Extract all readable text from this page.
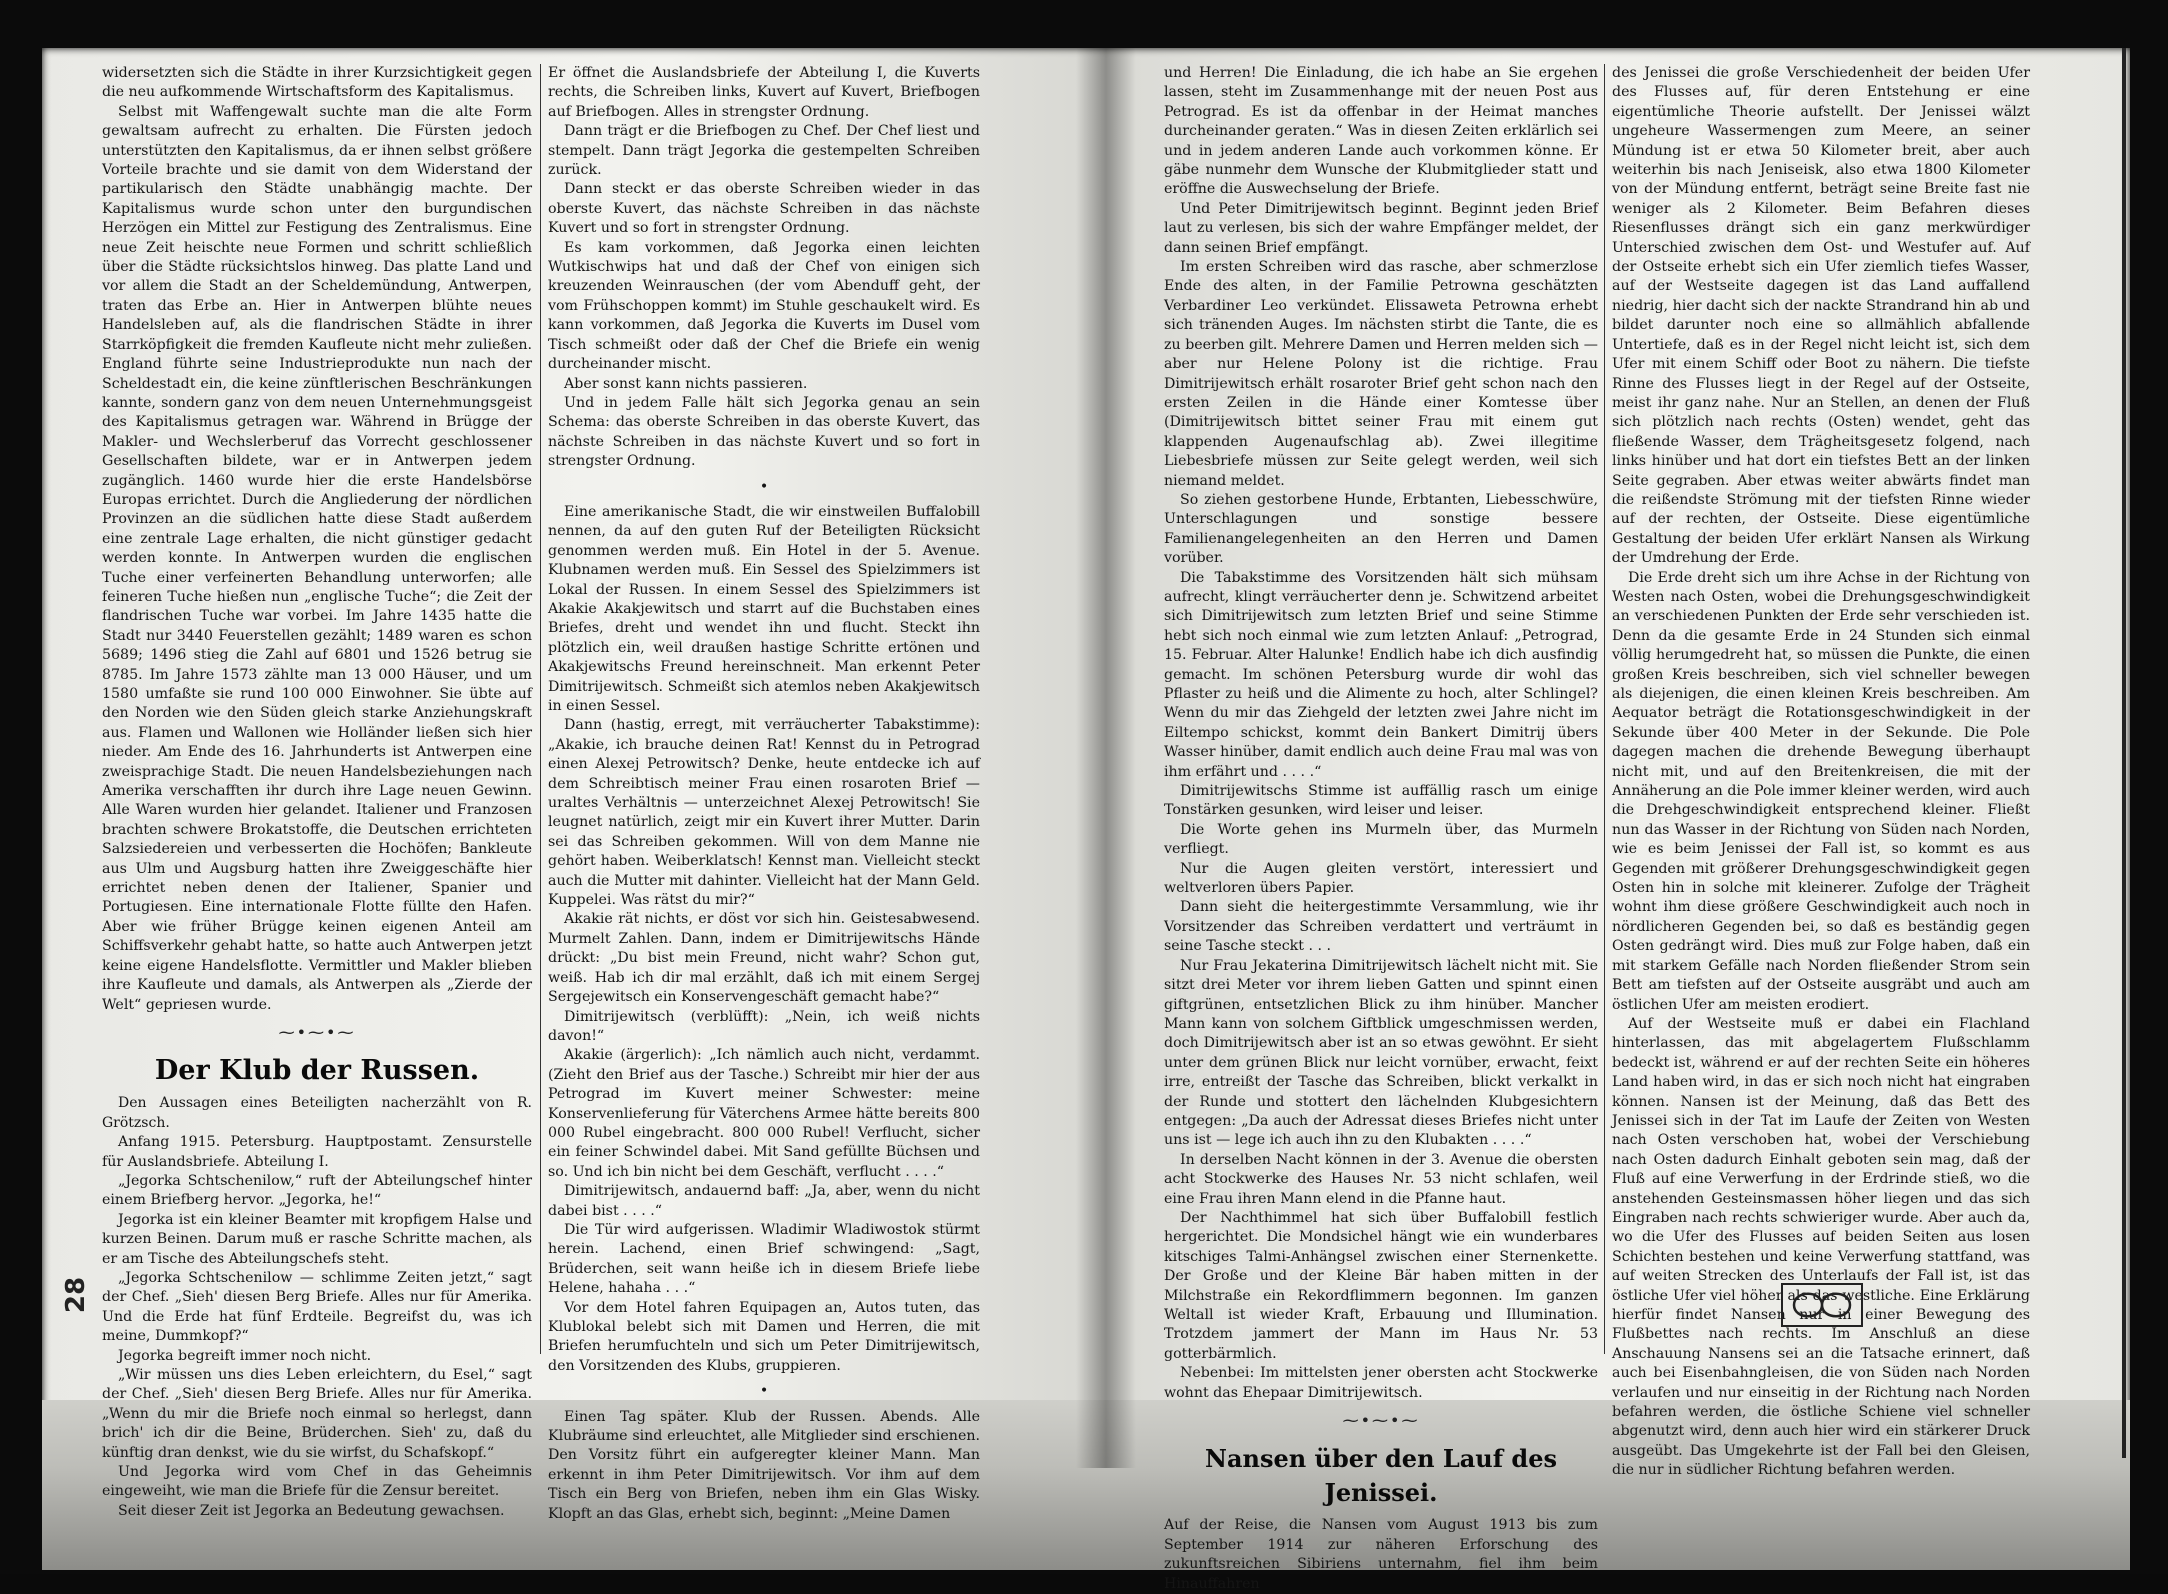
28

widersetzten sich die Städte in ihrer Kurzsichtigkeit gegen die neu aufkommende Wirtschaftsform des Kapitalismus.

Selbst mit Waffengewalt suchte man die alte Form gewaltsam aufrecht zu erhalten. Die Fürsten jedoch unterstützten den Kapitalismus, da er ihnen selbst größere Vorteile brachte und sie damit von dem Widerstand der partikularisch den Städte unabhängig machte. Der Kapitalismus wurde schon unter den burgundischen Herzögen ein Mittel zur Festigung des Zentralismus. Eine neue Zeit heischte neue Formen und schritt schließlich über die Städte rücksichtslos hinweg. Das platte Land und vor allem die Stadt an der Scheldemündung, Antwerpen, traten das Erbe an. Hier in Antwerpen blühte neues Handelsleben auf, als die flandrischen Städte in ihrer Starrköpfigkeit die fremden Kaufleute nicht mehr zuließen. England führte seine Industrieprodukte nun nach der Scheldestadt ein, die keine zünftlerischen Beschränkungen kannte, sondern ganz von dem neuen Unternehmungsgeist des Kapitalismus getragen war. Während in Brügge der Makler- und Wechslerberuf das Vorrecht geschlossener Gesellschaften bildete, war er in Antwerpen jedem zugänglich. 1460 wurde hier die erste Handelsbörse Europas errichtet. Durch die Angliederung der nördlichen Provinzen an die südlichen hatte diese Stadt außerdem eine zentrale Lage erhalten, die nicht günstiger gedacht werden konnte. In Antwerpen wurden die englischen Tuche einer verfeinerten Behandlung unterworfen; alle feineren Tuche hießen nun „englische Tuche“; die Zeit der flandrischen Tuche war vorbei. Im Jahre 1435 hatte die Stadt nur 3440 Feuerstellen gezählt; 1489 waren es schon 5689; 1496 stieg die Zahl auf 6801 und 1526 betrug sie 8785. Im Jahre 1573 zählte man 13 000 Häuser, und um 1580 umfaßte sie rund 100 000 Einwohner. Sie übte auf den Norden wie den Süden gleich starke Anziehungskraft aus. Flamen und Wallonen wie Holländer ließen sich hier nieder. Am Ende des 16. Jahrhunderts ist Antwerpen eine zweisprachige Stadt. Die neuen Handelsbeziehungen nach Amerika verschafften ihr durch ihre Lage neuen Gewinn. Alle Waren wurden hier gelandet. Italiener und Franzosen brachten schwere Brokatstoffe, die Deutschen errichteten Salzsiedereien und verbesserten die Hochöfen; Bankleute aus Ulm und Augsburg hatten ihre Zweiggeschäfte hier errichtet neben denen der Italiener, Spanier und Portugiesen. Eine internationale Flotte füllte den Hafen. Aber wie früher Brügge keinen eigenen Anteil am Schiffsverkehr gehabt hatte, so hatte auch Antwerpen jetzt keine eigene Handelsflotte. Vermittler und Makler blieben ihre Kaufleute und damals, als Antwerpen als „Zierde der Welt“ gepriesen wurde.

⁓•⁓•⁓
Der Klub der Russen.

Den Aussagen eines Beteiligten nacherzählt von R. Grötzsch.

Anfang 1915. Petersburg. Hauptpostamt. Zensurstelle für Auslandsbriefe. Abteilung I.

„Jegorka Schtschenilow,“ ruft der Abteilungschef hinter einem Briefberg hervor. „Jegorka, he!“

Jegorka ist ein kleiner Beamter mit kropfigem Halse und kurzen Beinen. Darum muß er rasche Schritte machen, als er am Tische des Abteilungschefs steht.

„Jegorka Schtschenilow — schlimme Zeiten jetzt,“ sagt der Chef. „Sieh' diesen Berg Briefe. Alles nur für Amerika. Und die Erde hat fünf Erdteile. Begreifst du, was ich meine, Dummkopf?“

Jegorka begreift immer noch nicht.

„Wir müssen uns dies Leben erleichtern, du Esel,“ sagt der Chef. „Sieh' diesen Berg Briefe. Alles nur für Amerika. „Wenn du mir die Briefe noch einmal so herlegst, dann brich' ich dir die Beine, Brüderchen. Sieh' zu, daß du künftig dran denkst, wie du sie wirfst, du Schafskopf.“

Und Jegorka wird vom Chef in das Geheimnis eingeweiht, wie man die Briefe für die Zensur bereitet.

Seit dieser Zeit ist Jegorka an Bedeutung gewachsen.

Er öffnet die Auslandsbriefe der Abteilung I, die Kuverts rechts, die Schreiben links, Kuvert auf Kuvert, Briefbogen auf Briefbogen. Alles in strengster Ordnung.

Dann trägt er die Briefbogen zu Chef. Der Chef liest und stempelt. Dann trägt Jegorka die gestempelten Schreiben zurück.

Dann steckt er das oberste Schreiben wieder in das oberste Kuvert, das nächste Schreiben in das nächste Kuvert und so fort in strengster Ordnung.

Es kam vorkommen, daß Jegorka einen leichten Wutkischwips hat und daß der Chef von einigen sich kreuzenden Weinrauschen (der vom Abenduff geht, der vom Frühschoppen kommt) im Stuhle geschaukelt wird. Es kann vorkommen, daß Jegorka die Kuverts im Dusel vom Tisch schmeißt oder daß der Chef die Briefe ein wenig durcheinander mischt.

Aber sonst kann nichts passieren.

Und in jedem Falle hält sich Jegorka genau an sein Schema: das oberste Schreiben in das oberste Kuvert, das nächste Schreiben in das nächste Kuvert und so fort in strengster Ordnung.

•

Eine amerikanische Stadt, die wir einstweilen Buffalobill nennen, da auf den guten Ruf der Beteiligten Rücksicht genommen werden muß. Ein Hotel in der 5. Avenue. Klubnamen werden muß. Ein Sessel des Spielzimmers ist Lokal der Russen. In einem Sessel des Spielzimmers ist Akakie Akakjewitsch und starrt auf die Buchstaben eines Briefes, dreht und wendet ihn und flucht. Steckt ihn plötzlich ein, weil draußen hastige Schritte ertönen und Akakjewitschs Freund hereinschneit. Man erkennt Peter Dimitrijewitsch. Schmeißt sich atemlos neben Akakjewitsch in einen Sessel.

Dann (hastig, erregt, mit verräucherter Tabakstimme): „Akakie, ich brauche deinen Rat! Kennst du in Petrograd einen Alexej Petrowitsch? Denke, heute entdecke ich auf dem Schreibtisch meiner Frau einen rosaroten Brief — uraltes Verhältnis — unterzeichnet Alexej Petrowitsch! Sie leugnet natürlich, zeigt mir ein Kuvert ihrer Mutter. Darin sei das Schreiben gekommen. Will von dem Manne nie gehört haben. Weiberklatsch! Kennst man. Vielleicht steckt auch die Mutter mit dahinter. Vielleicht hat der Mann Geld. Kuppelei. Was rätst du mir?“

Akakie rät nichts, er döst vor sich hin. Geistesabwesend. Murmelt Zahlen. Dann, indem er Dimitrijewitschs Hände drückt: „Du bist mein Freund, nicht wahr? Schon gut, weiß. Hab ich dir mal erzählt, daß ich mit einem Sergej Sergejewitsch ein Konservengeschäft gemacht habe?“

Dimitrijewitsch (verblüfft): „Nein, ich weiß nichts davon!“

Akakie (ärgerlich): „Ich nämlich auch nicht, verdammt. (Zieht den Brief aus der Tasche.) Schreibt mir hier der aus Petrograd im Kuvert meiner Schwester: meine Konservenlieferung für Väterchens Armee hätte bereits 800 000 Rubel eingebracht. 800 000 Rubel! Verflucht, sicher ein feiner Schwindel dabei. Mit Sand gefüllte Büchsen und so. Und ich bin nicht bei dem Geschäft, verflucht . . . .“

Dimitrijewitsch, andauernd baff: „Ja, aber, wenn du nicht dabei bist . . . .“

Die Tür wird aufgerissen. Wladimir Wladiwostok stürmt herein. Lachend, einen Brief schwingend: „Sagt, Brüderchen, seit wann heiße ich in diesem Briefe liebe Helene, hahaha . . .“

Vor dem Hotel fahren Equipagen an, Autos tuten, das Klublokal belebt sich mit Damen und Herren, die mit Briefen herumfuchteln und sich um Peter Dimitrijewitsch, den Vorsitzenden des Klubs, gruppieren.

•

Einen Tag später. Klub der Russen. Abends. Alle Klubräume sind erleuchtet, alle Mitglieder sind erschienen. Den Vorsitz führt ein aufgeregter kleiner Mann. Man erkennt in ihm Peter Dimitrijewitsch. Vor ihm auf dem Tisch ein Berg von Briefen, neben ihm ein Glas Wisky. Klopft an das Glas, erhebt sich, beginnt: „Meine Damen

und Herren! Die Einladung, die ich habe an Sie ergehen lassen, steht im Zusammenhange mit der neuen Post aus Petrograd. Es ist da offenbar in der Heimat manches durcheinander geraten.“ Was in diesen Zeiten erklärlich sei und in jedem anderen Lande auch vorkommen könne. Er gäbe nunmehr dem Wunsche der Klubmitglieder statt und eröffne die Auswechselung der Briefe.

Und Peter Dimitrijewitsch beginnt. Beginnt jeden Brief laut zu verlesen, bis sich der wahre Empfänger meldet, der dann seinen Brief empfängt.

Im ersten Schreiben wird das rasche, aber schmerzlose Ende des alten, in der Familie Petrowna geschätzten Verbardiner Leo verkündet. Elissaweta Petrowna erhebt sich tränenden Auges. Im nächsten stirbt die Tante, die es zu beerben gilt. Mehrere Damen und Herren melden sich — aber nur Helene Polony ist die richtige. Frau Dimitrijewitsch erhält rosaroter Brief geht schon nach den ersten Zeilen in die Hände einer Komtesse über (Dimitrijewitsch bittet seiner Frau mit einem gut klappenden Augenaufschlag ab). Zwei illegitime Liebesbriefe müssen zur Seite gelegt werden, weil sich niemand meldet.

So ziehen gestorbene Hunde, Erbtanten, Liebesschwüre, Unterschlagungen und sonstige bessere Familienangelegenheiten an den Herren und Damen vorüber.

Die Tabakstimme des Vorsitzenden hält sich mühsam aufrecht, klingt verräucherter denn je. Schwitzend arbeitet sich Dimitrijewitsch zum letzten Brief und seine Stimme hebt sich noch einmal wie zum letzten Anlauf: „Petrograd, 15. Februar. Alter Halunke! Endlich habe ich dich ausfindig gemacht. Im schönen Petersburg wurde dir wohl das Pflaster zu heiß und die Alimente zu hoch, alter Schlingel? Wenn du mir das Ziehgeld der letzten zwei Jahre nicht im Eiltempo schickst, kommt dein Bankert Dimitrij übers Wasser hinüber, damit endlich auch deine Frau mal was von ihm erfährt und . . . .“

Dimitrijewitschs Stimme ist auffällig rasch um einige Tonstärken gesunken, wird leiser und leiser.

Die Worte gehen ins Murmeln über, das Murmeln verfliegt.

Nur die Augen gleiten verstört, interessiert und weltverloren übers Papier.

Dann sieht die heitergestimmte Versammlung, wie ihr Vorsitzender das Schreiben verdattert und verträumt in seine Tasche steckt . . .

Nur Frau Jekaterina Dimitrijewitsch lächelt nicht mit. Sie sitzt drei Meter vor ihrem lieben Gatten und spinnt einen giftgrünen, entsetzlichen Blick zu ihm hinüber. Mancher Mann kann von solchem Giftblick umgeschmissen werden, doch Dimitrijewitsch aber ist an so etwas gewöhnt. Er sieht unter dem grünen Blick nur leicht vornüber, erwacht, feixt irre, entreißt der Tasche das Schreiben, blickt verkalkt in der Runde und stottert den lächelnden Klubgesichtern entgegen: „Da auch der Adressat dieses Briefes nicht unter uns ist — lege ich auch ihn zu den Klubakten . . . .“

In derselben Nacht können in der 3. Avenue die obersten acht Stockwerke des Hauses Nr. 53 nicht schlafen, weil eine Frau ihren Mann elend in die Pfanne haut.

Der Nachthimmel hat sich über Buffalobill festlich hergerichtet. Die Mondsichel hängt wie ein wunderbares kitschiges Talmi-Anhängsel zwischen einer Sternenkette. Der Große und der Kleine Bär haben mitten in der Milchstraße ein Rekordflimmern begonnen. Im ganzen Weltall ist wieder Kraft, Erbauung und Illumination. Trotzdem jammert der Mann im Haus Nr. 53 gotterbärmlich.

Nebenbei: Im mittelsten jener obersten acht Stockwerke wohnt das Ehepaar Dimitrijewitsch.

⁓•⁓•⁓
Nansen über den Lauf des Jenissei.

Auf der Reise, die Nansen vom August 1913 bis zum September 1914 zur näheren Erforschung des zukunftsreichen Sibiriens unternahm, fiel ihm beim Hinauffahren

des Jenissei die große Verschiedenheit der beiden Ufer des Flusses auf, für deren Entstehung er eine eigentümliche Theorie aufstellt. Der Jenissei wälzt ungeheure Wassermengen zum Meere, an seiner Mündung ist er etwa 50 Kilometer breit, aber auch weiterhin bis nach Jeniseisk, also etwa 1800 Kilometer von der Mündung entfernt, beträgt seine Breite fast nie weniger als 2 Kilometer. Beim Befahren dieses Riesenflusses drängt sich ein ganz merkwürdiger Unterschied zwischen dem Ost- und Westufer auf. Auf der Ostseite erhebt sich ein Ufer ziemlich tiefes Wasser, auf der Westseite dagegen ist das Land auffallend niedrig, hier dacht sich der nackte Strandrand hin ab und bildet darunter noch eine so allmählich abfallende Untertiefe, daß es in der Regel nicht leicht ist, sich dem Ufer mit einem Schiff oder Boot zu nähern. Die tiefste Rinne des Flusses liegt in der Regel auf der Ostseite, meist ihr ganz nahe. Nur an Stellen, an denen der Fluß sich plötzlich nach rechts (Osten) wendet, geht das fließende Wasser, dem Trägheitsgesetz folgend, nach links hinüber und hat dort ein tiefstes Bett an der linken Seite gegraben. Aber etwas weiter abwärts findet man die reißendste Strömung mit der tiefsten Rinne wieder auf der rechten, der Ostseite. Diese eigentümliche Gestaltung der beiden Ufer erklärt Nansen als Wirkung der Umdrehung der Erde.

Die Erde dreht sich um ihre Achse in der Richtung von Westen nach Osten, wobei die Drehungsgeschwindigkeit an verschiedenen Punkten der Erde sehr verschieden ist. Denn da die gesamte Erde in 24 Stunden sich einmal völlig herumgedreht hat, so müssen die Punkte, die einen großen Kreis beschreiben, sich viel schneller bewegen als diejenigen, die einen kleinen Kreis beschreiben. Am Aequator beträgt die Rotationsgeschwindigkeit in der Sekunde über 400 Meter in der Sekunde. Die Pole dagegen machen die drehende Bewegung überhaupt nicht mit, und auf den Breitenkreisen, die mit der Annäherung an die Pole immer kleiner werden, wird auch die Drehgeschwindigkeit entsprechend kleiner. Fließt nun das Wasser in der Richtung von Süden nach Norden, wie es beim Jenissei der Fall ist, so kommt es aus Gegenden mit größerer Drehungsgeschwindigkeit gegen Osten hin in solche mit kleinerer. Zufolge der Trägheit wohnt ihm diese größere Geschwindigkeit auch noch in nördlicheren Gegenden bei, so daß es beständig gegen Osten gedrängt wird. Dies muß zur Folge haben, daß ein mit starkem Gefälle nach Norden fließender Strom sein Bett am tiefsten auf der Ostseite ausgräbt und auch am östlichen Ufer am meisten erodiert.

Auf der Westseite muß er dabei ein Flachland hinterlassen, das mit abgelagertem Flußschlamm bedeckt ist, während er auf der rechten Seite ein höheres Land haben wird, in das er sich noch nicht hat eingraben können. Nansen ist der Meinung, daß das Bett des Jenissei sich in der Tat im Laufe der Zeiten von Westen nach Osten verschoben hat, wobei der Verschiebung nach Osten dadurch Einhalt geboten sein mag, daß der Fluß auf eine Verwerfung in der Erdrinde stieß, wo die anstehenden Gesteinsmassen höher liegen und das sich Eingraben nach rechts schwieriger wurde. Aber auch da, wo die Ufer des Flusses auf beiden Seiten aus losen Schichten bestehen und keine Verwerfung stattfand, was auf weiten Strecken des Unterlaufs der Fall ist, ist das östliche Ufer viel höher als das westliche. Eine Erklärung hierfür findet Nansen nur in einer Bewegung des Flußbettes nach rechts. Im Anschluß an diese Anschauung Nansens sei an die Tatsache erinnert, daß auch bei Eisenbahngleisen, die von Süden nach Norden verlaufen und nur einseitig in der Richtung nach Norden befahren werden, die östliche Schiene viel schneller abgenutzt wird, denn auch hier wird ein stärkerer Druck ausgeübt. Das Umgekehrte ist der Fall bei den Gleisen, die nur in südlicher Richtung befahren werden.
